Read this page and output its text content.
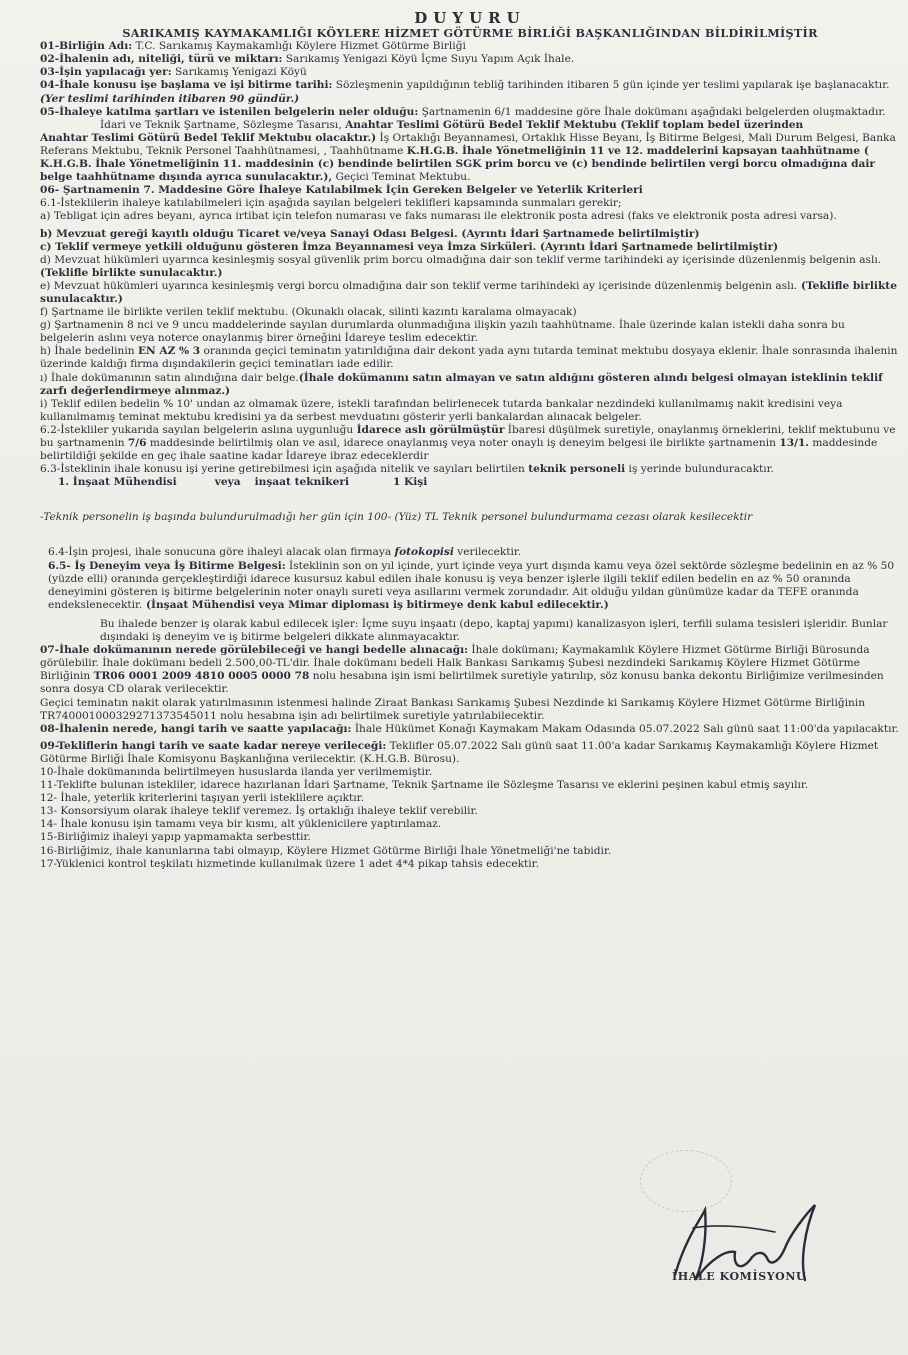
DUYURU

SARIKAMIŞ KAYMAKAMLIĞI KÖYLERE HİZMET GÖTÜRME BİRLİĞİ BAŞKANLIĞINDAN BİLDİRİLMİŞTİR

01-Birliğin Adı: T.C. Sarıkamış Kaymakamlığı Köylere Hizmet Götürme Birliği

02-İhalenin adı, niteliği, türü ve miktarı: Sarıkamış Yenigazi Köyü İçme Suyu Yapım Açık İhale.

03-İşin yapılacağı yer: Sarıkamış Yenigazi Köyü

04-İhale konusu işe başlama ve işi bitirme tarihi: Sözleşmenin yapıldığının tebliğ tarihinden itibaren 5 gün içinde yer teslimi yapılarak işe başlanacaktır. (Yer teslimi tarihinden itibaren 90 gündür.)

05-İhaleye katılma şartları ve istenilen belgelerin neler olduğu: Şartnamenin 6/1 maddesine göre İhale dokümanı aşağıdaki belgelerden oluşmaktadır.

İdari ve Teknik Şartname, Sözleşme Tasarısı, Anahtar Teslimi Götürü Bedel Teklif Mektubu (Teklif toplam bedel üzerinden

Anahtar Teslimi Götürü Bedel Teklif Mektubu olacaktır.) İş Ortaklığı Beyannamesi, Ortaklık Hisse Beyanı, İş Bitirme Belgesi, Mali Durum Belgesi, Banka Referans Mektubu, Teknik Personel Taahhütnamesi, , Taahhütname K.H.G.B. İhale Yönetmeliğinin 11 ve 12. maddelerini kapsayan taahhütname ( K.H.G.B. İhale Yönetmeliğinin 11. maddesinin (c) bendinde belirtilen SGK prim borcu ve (c) bendinde belirtilen vergi borcu olmadığına dair belge taahhütname dışında ayrıca sunulacaktır.), Geçici Teminat Mektubu.

06- Şartnamenin 7. Maddesine Göre İhaleye Katılabilmek İçin Gereken Belgeler ve Yeterlik Kriterleri

6.1-İsteklilerin ihaleye katılabilmeleri için aşağıda sayılan belgeleri teklifleri kapsamında sunmaları gerekir;

a) Tebligat için adres beyanı, ayrıca irtibat için telefon numarası ve faks numarası ile elektronik posta adresi (faks ve elektronik posta adresi varsa).

b) Mevzuat gereği kayıtlı olduğu Ticaret ve/veya Sanayi Odası Belgesi. (Ayrıntı İdari Şartnamede belirtilmiştir)

c) Teklif vermeye yetkili olduğunu gösteren İmza Beyannamesi veya İmza Sirküleri. (Ayrıntı İdari Şartnamede belirtilmiştir)

d) Mevzuat hükümleri uyarınca kesinleşmiş sosyal güvenlik prim borcu olmadığına dair son teklif verme tarihindeki ay içerisinde düzenlenmiş belgenin aslı. (Teklifle birlikte sunulacaktır.)

e) Mevzuat hükümleri uyarınca kesinleşmiş vergi borcu olmadığına dair son teklif verme tarihindeki ay içerisinde düzenlenmiş belgenin aslı. (Teklifle birlikte sunulacaktır.)

f) Şartname ile birlikte verilen teklif mektubu. (Okunaklı olacak, silinti kazıntı karalama olmayacak)

g) Şartnamenin 8 nci ve 9 uncu maddelerinde sayılan durumlarda olunmadığına ilişkin yazılı taahhütname. İhale üzerinde kalan istekli daha sonra bu belgelerin aslını veya noterce onaylanmış birer örneğini İdareye teslim edecektir.

h) İhale bedelinin EN AZ % 3 oranında geçici teminatın yatırıldığına dair dekont yada aynı tutarda teminat mektubu dosyaya eklenir. İhale sonrasında ihalenin üzerinde kaldığı firma dışındakilerin geçici teminatları iade edilir.

ı) İhale dokümanının satın alındığına dair belge.(İhale dokümanını satın almayan ve satın aldığını gösteren alındı belgesi olmayan isteklinin teklif zarfı değerlendirmeye alınmaz.)

i) Teklif edilen bedelin % 10' undan az olmamak üzere, istekli tarafından belirlenecek tutarda bankalar nezdindeki kullanılmamış nakit kredisini veya kullanılmamış teminat mektubu kredisini ya da serbest mevduatını gösterir yerli bankalardan alınacak belgeler.

6.2-İstekliler yukarıda sayılan belgelerin aslına uygunluğu İdarece aslı görülmüştür İbaresi düşülmek suretiyle, onaylanmış örneklerini, teklif mektubunu ve bu şartnamenin 7/6 maddesinde belirtilmiş olan ve asıl, idarece onaylanmış veya noter onaylı iş deneyim belgesi ile birlikte şartnamenin 13/1. maddesinde belirtildiği şekilde en geç ihale saatine kadar İdareye ibraz edeceklerdir

6.3-İsteklinin ihale konusu işi yerine getirebilmesi için aşağıda nitelik ve sayıları belirtilen teknik personeli iş yerinde bulunduracaktır.

1. İnşaat Mühendisi	veya inşaat teknikeri	1 Kişi

-Teknik personelin iş başında bulundurulmadığı her gün için 100- (Yüz) TL Teknik personel bulundurmama cezası olarak kesilecektir

6.4-İşin projesi, ihale sonucuna göre ihaleyi alacak olan firmaya fotokopisi verilecektir.

6.5- İş Deneyim veya İş Bitirme Belgesi: İsteklinin son on yıl içinde, yurt içinde veya yurt dışında kamu veya özel sektörde sözleşme bedelinin en az % 50 (yüzde elli) oranında gerçekleştirdiği idarece kusursuz kabul edilen ihale konusu iş veya benzer işlerle ilgili teklif edilen bedelin en az % 50 oranında deneyimini gösteren iş bitirme belgelerinin noter onaylı sureti veya asıllarını vermek zorundadır. Ait olduğu yıldan günümüze kadar da TEFE oranında endekslenecektir. (İnşaat Mühendisi veya Mimar diploması iş bitirmeye denk kabul edilecektir.)

Bu ihalede benzer iş olarak kabul edilecek işler: İçme suyu inşaatı (depo, kaptaj yapımı) kanalizasyon işleri, terfili sulama tesisleri işleridir. Bunlar dışındaki iş deneyim ve iş bitirme belgeleri dikkate alınmayacaktır.

07-İhale dokümanının nerede görülebileceği ve hangi bedelle alınacağı: İhale dokümanı; Kaymakamlık Köylere Hizmet Götürme Birliği Bürosunda görülebilir. İhale dokümanı bedeli 2.500,00-TL'dir. İhale dokümanı bedeli Halk Bankası Sarıkamış Şubesi nezdindeki Sarıkamış Köylere Hizmet Götürme Birliğinin TR06 0001 2009 4810 0005 0000 78 nolu hesabına işin ismi belirtilmek suretiyle yatırılıp, söz konusu banka dekontu Birliğimize verilmesinden sonra dosya CD olarak verilecektir.

Geçici teminatın nakit olarak yatırılmasının istenmesi halinde Ziraat Bankası Sarıkamış Şubesi Nezdinde ki Sarıkamış Köylere Hizmet Götürme Birliğinin TR740001000329271373545011 nolu hesabına işin adı belirtilmek suretiyle yatırılabilecektir.

08-İhalenin nerede, hangi tarih ve saatte yapılacağı: İhale Hükümet Konağı Kaymakam Makam Odasında 05.07.2022 Salı günü saat 11:00'da yapılacaktır.

09-Tekliflerin hangi tarih ve saate kadar nereye verileceği: Teklifler 05.07.2022 Salı günü saat 11.00'a kadar Sarıkamış Kaymakamlığı Köylere Hizmet Götürme Birliği İhale Komisyonu Başkanlığına verilecektir. (K.H.G.B. Bürosu).

10-İhale dokümanında belirtilmeyen hususlarda ilanda yer verilmemiştir.

11-Teklifte bulunan istekliler, idarece hazırlanan İdari Şartname, Teknik Şartname ile Sözleşme Tasarısı ve eklerini peşinen kabul etmiş sayılır.

12- İhale, yeterlik kriterlerini taşıyan yerli isteklilere açıktır.

13- Konsorsiyum olarak ihaleye teklif veremez. İş ortaklığı ihaleye teklif verebilir.

14- İhale konusu işin tamamı veya bir kısmı, alt yüklenicilere yaptırılamaz.

15-Birliğimiz ihaleyi yapıp yapmamakta serbesttir.

16-Birliğimiz, ihale kanunlarına tabi olmayıp, Köylere Hizmet Götürme Birliği İhale Yönetmeliği'ne tabidir.

17-Yüklenici kontrol teşkilatı hizmetinde kullanılmak üzere 1 adet 4*4 pikap tahsis edecektir.

İHALE KOMİSYONU
